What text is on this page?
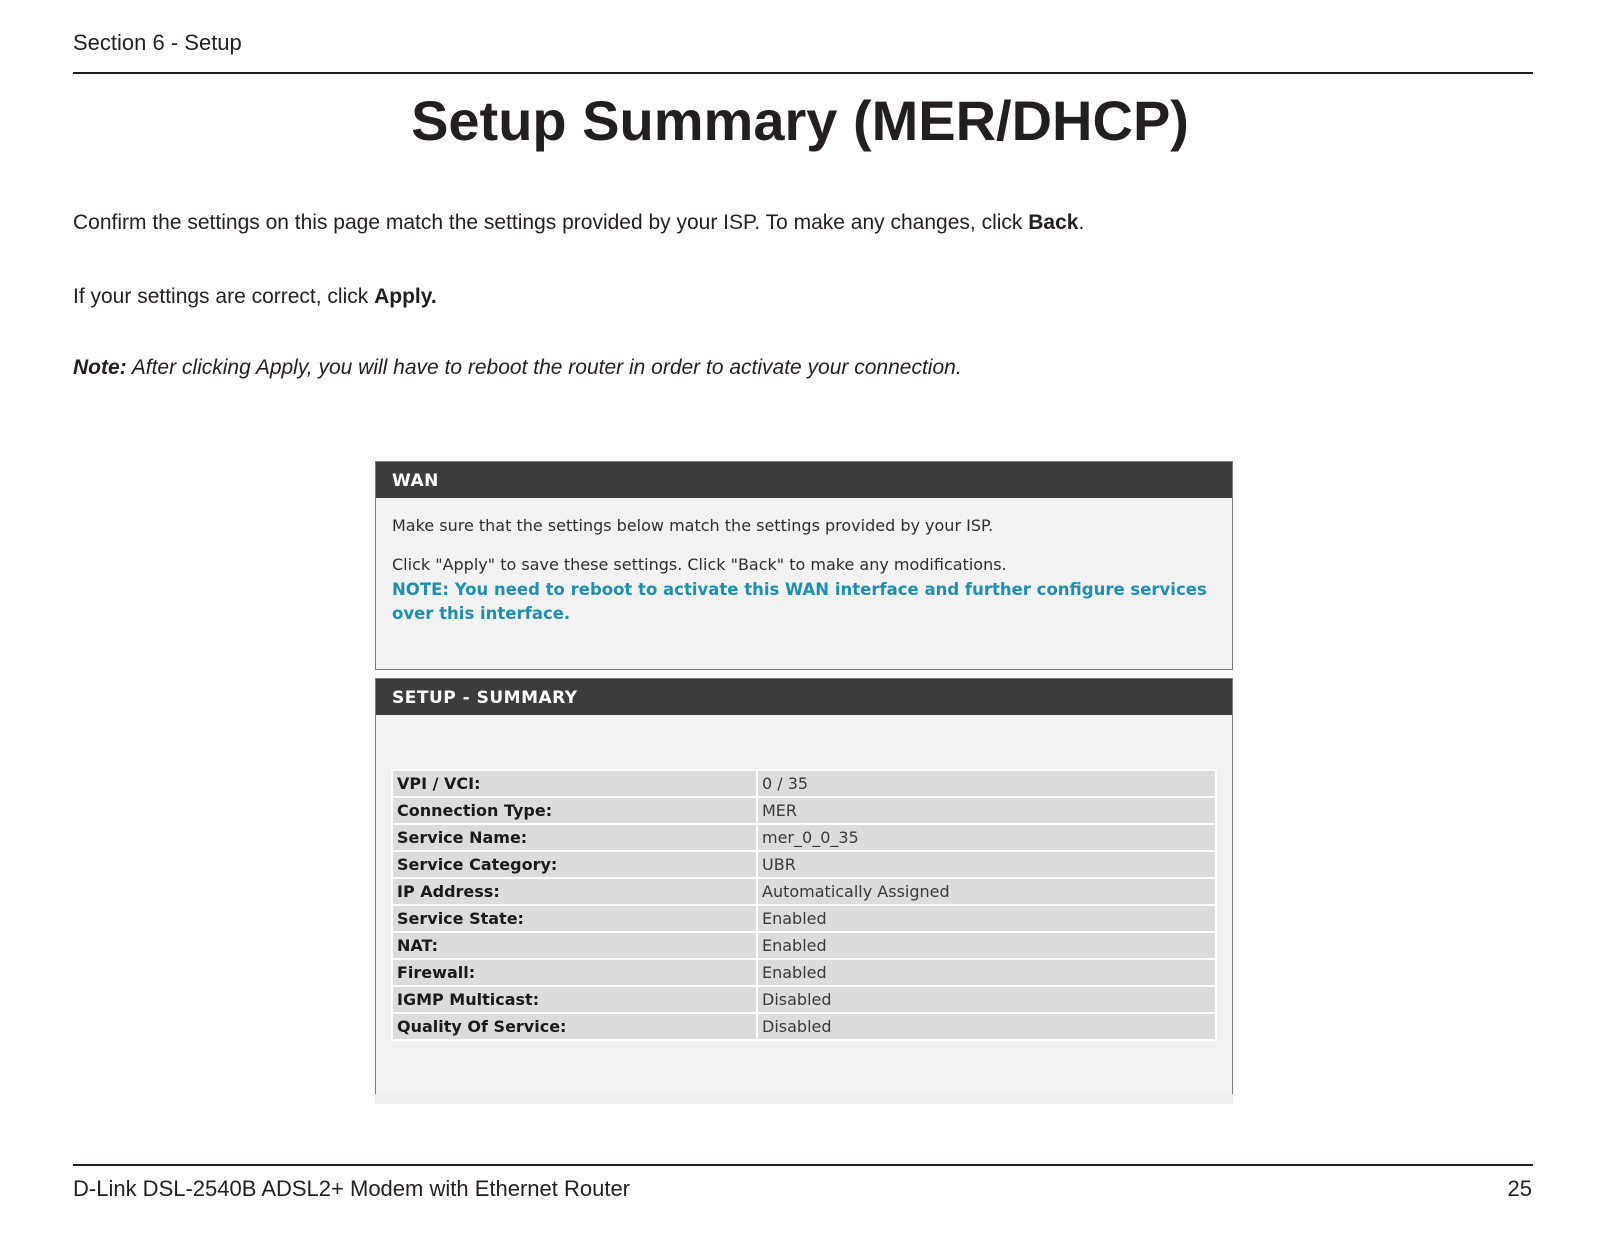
Section 6 - Setup
Setup Summary (MER/DHCP)
Confirm the settings on this page match the settings provided by your ISP. To make any changes, click Back.
If your settings are correct, click Apply.
Note: After clicking Apply, you will have to reboot the router in order to activate your connection.
WAN
Make sure that the settings below match the settings provided by your ISP.
Click "Apply" to save these settings. Click "Back" to make any modifications.
NOTE: You need to reboot to activate this WAN interface and further configure services over this interface.
SETUP - SUMMARY
VPI / VCI:	0 / 35
Connection Type:	MER
Service Name:	mer_0_0_35
Service Category:	UBR
IP Address:	Automatically Assigned
Service State:	Enabled
NAT:	Enabled
Firewall:	Enabled
IGMP Multicast:	Disabled
Quality Of Service:	Disabled
D-Link DSL-2540B ADSL2+ Modem with Ethernet Router	25
